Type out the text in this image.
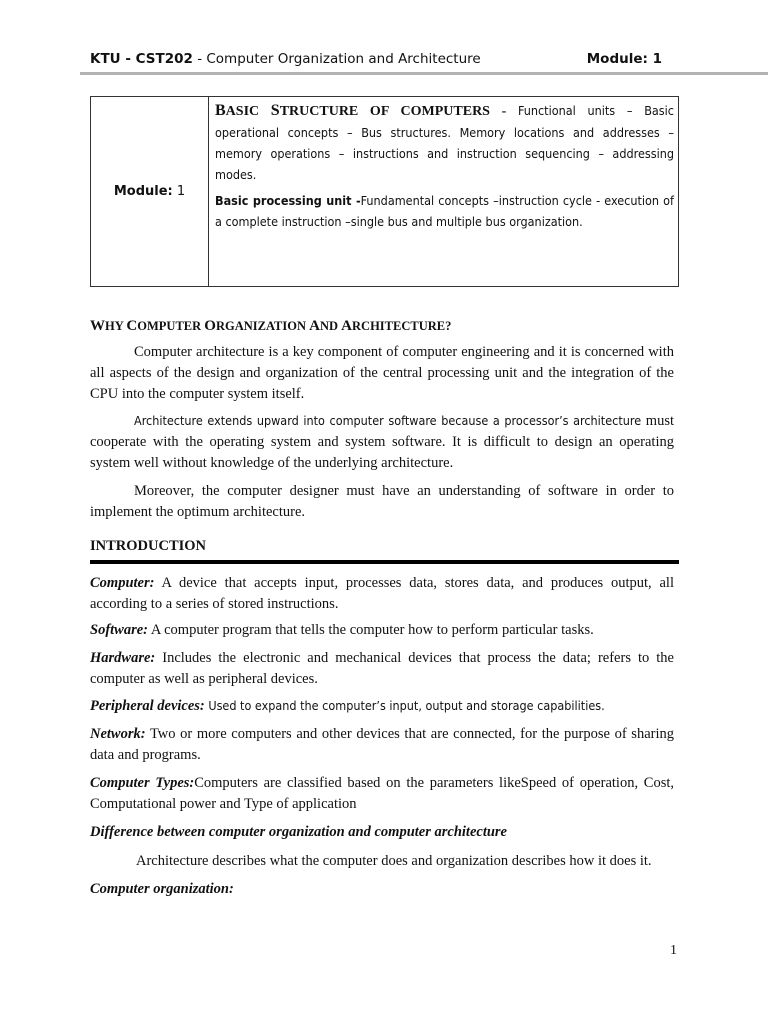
KTU - CST202 - Computer Organization and Architecture	Module: 1
Module: 1	

BASIC STRUCTURE OF COMPUTERS - Functional units – Basic operational concepts – Bus structures. Memory locations and addresses – memory operations – instructions and instruction sequencing – addressing modes.

Basic processing unit -Fundamental concepts –instruction cycle - execution of a complete instruction –single bus and multiple bus organization.

WHY COMPUTER ORGANIZATION AND ARCHITECTURE?

Computer architecture is a key component of computer engineering and it is concerned with all aspects of the design and organization of the central processing unit and the integration of the CPU into the computer system itself.

Architecture extends upward into computer software because a processor’s architecture must cooperate with the operating system and system software. It is difficult to design an operating system well without knowledge of the underlying architecture.

Moreover, the computer designer must have an understanding of software in order to implement the optimum architecture.

INTRODUCTION

Computer: A device that accepts input, processes data, stores data, and produces output, all according to a series of stored instructions.

Software: A computer program that tells the computer how to perform particular tasks.

Hardware: Includes the electronic and mechanical devices that process the data; refers to the computer as well as peripheral devices.

Peripheral devices: Used to expand the computer’s input, output and storage capabilities.

Network: Two or more computers and other devices that are connected, for the purpose of sharing data and programs.

Computer Types:Computers are classified based on the parameters likeSpeed of operation, Cost, Computational power and Type of application

Difference between computer organization and computer architecture

Architecture describes what the computer does and organization describes how it does it.

Computer organization:

1
